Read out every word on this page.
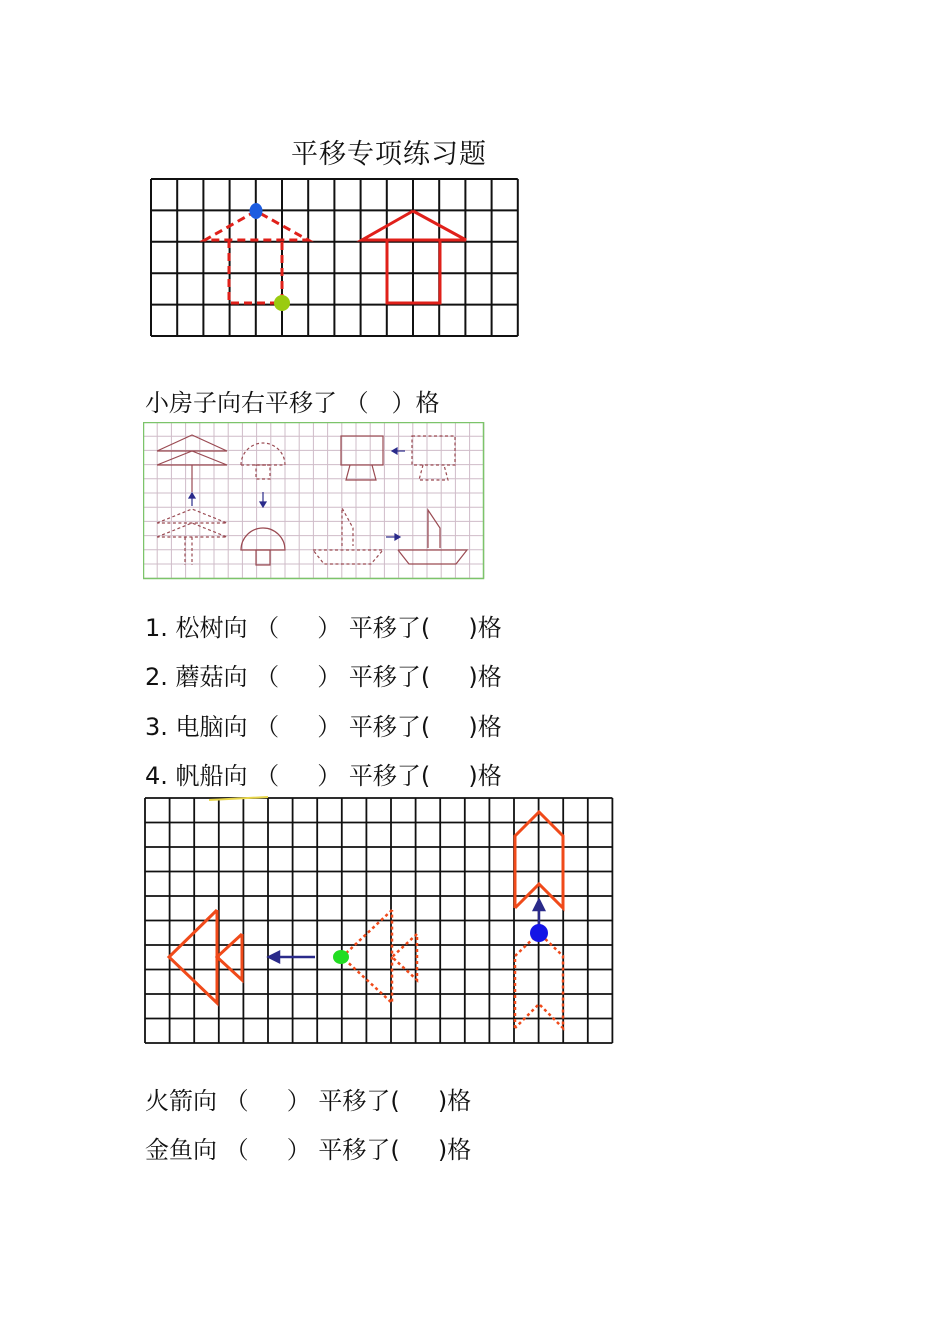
平移专项练习题
小房子向右平移了 （   ）格
1. 松树向 （     ） 平移了(     )格
2. 蘑菇向 （     ） 平移了(     )格
3. 电脑向 （     ） 平移了(     )格
4. 帆船向 （     ） 平移了(     )格
火箭向 （     ） 平移了(     )格
金鱼向 （     ） 平移了(     )格
